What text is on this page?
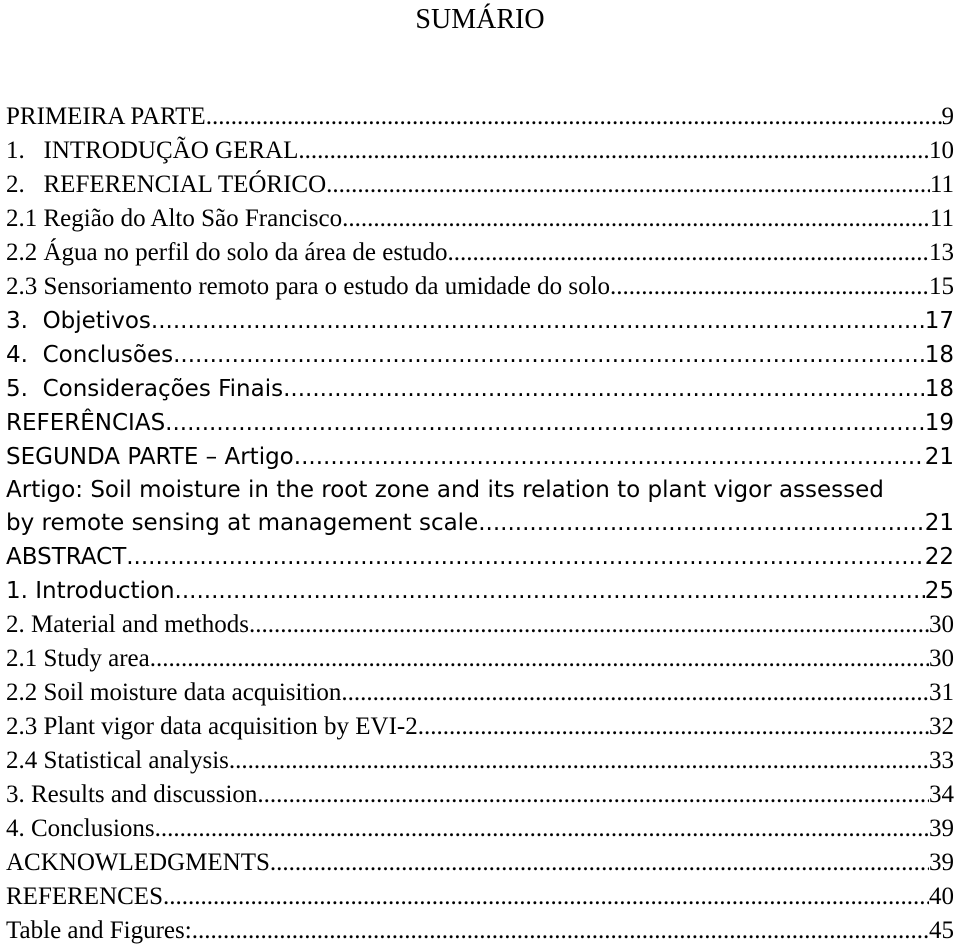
SUMÁRIO
PRIMEIRA PARTE .....	9
1.   INTRODUÇÃO GERAL .....	10
2.   REFERENCIAL TEÓRICO .....	11
2.1 Região do Alto São Francisco .....	11
2.2 Água no perfil do solo da área de estudo .....	13
2.3 Sensoriamento remoto para o estudo da umidade do solo .....	15
3.  Objetivos .....	17
4.  Conclusões .....	18
5.  Considerações Finais .....	18
REFERÊNCIAS .....	19
SEGUNDA PARTE – Artigo .....	21
Artigo: Soil moisture in the root zone and its relation to plant vigor assessed
by remote sensing at management scale .....	21
ABSTRACT .....	22
1. Introduction .....	25
2. Material and methods .....	30
2.1 Study area .....	30
2.2 Soil moisture data acquisition .....	31
2.3 Plant vigor data acquisition by EVI-2 .....	32
2.4 Statistical analysis .....	33
3. Results and discussion .....	34
4. Conclusions .....	39
ACKNOWLEDGMENTS .....	39
REFERENCES .....	40
Table and Figures: .....	45
